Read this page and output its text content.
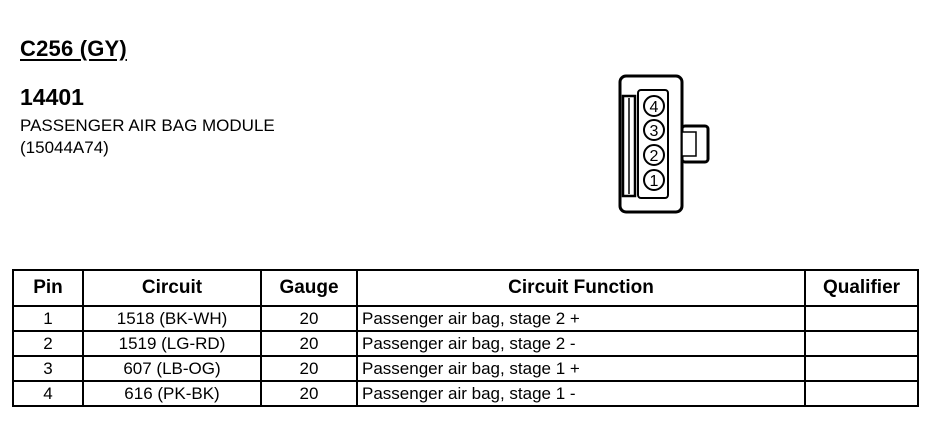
C256 (GY)
14401
PASSENGER AIR BAG MODULE
(15044A74)
4
3
2
1
Pin	Circuit	Gauge	Circuit Function	Qualifier
1	1518 (BK-WH)	20	Passenger air bag, stage 2 +	
2	1519 (LG-RD)	20	Passenger air bag, stage 2 -	
3	607 (LB-OG)	20	Passenger air bag, stage 1 +	
4	616 (PK-BK)	20	Passenger air bag, stage 1 -	
